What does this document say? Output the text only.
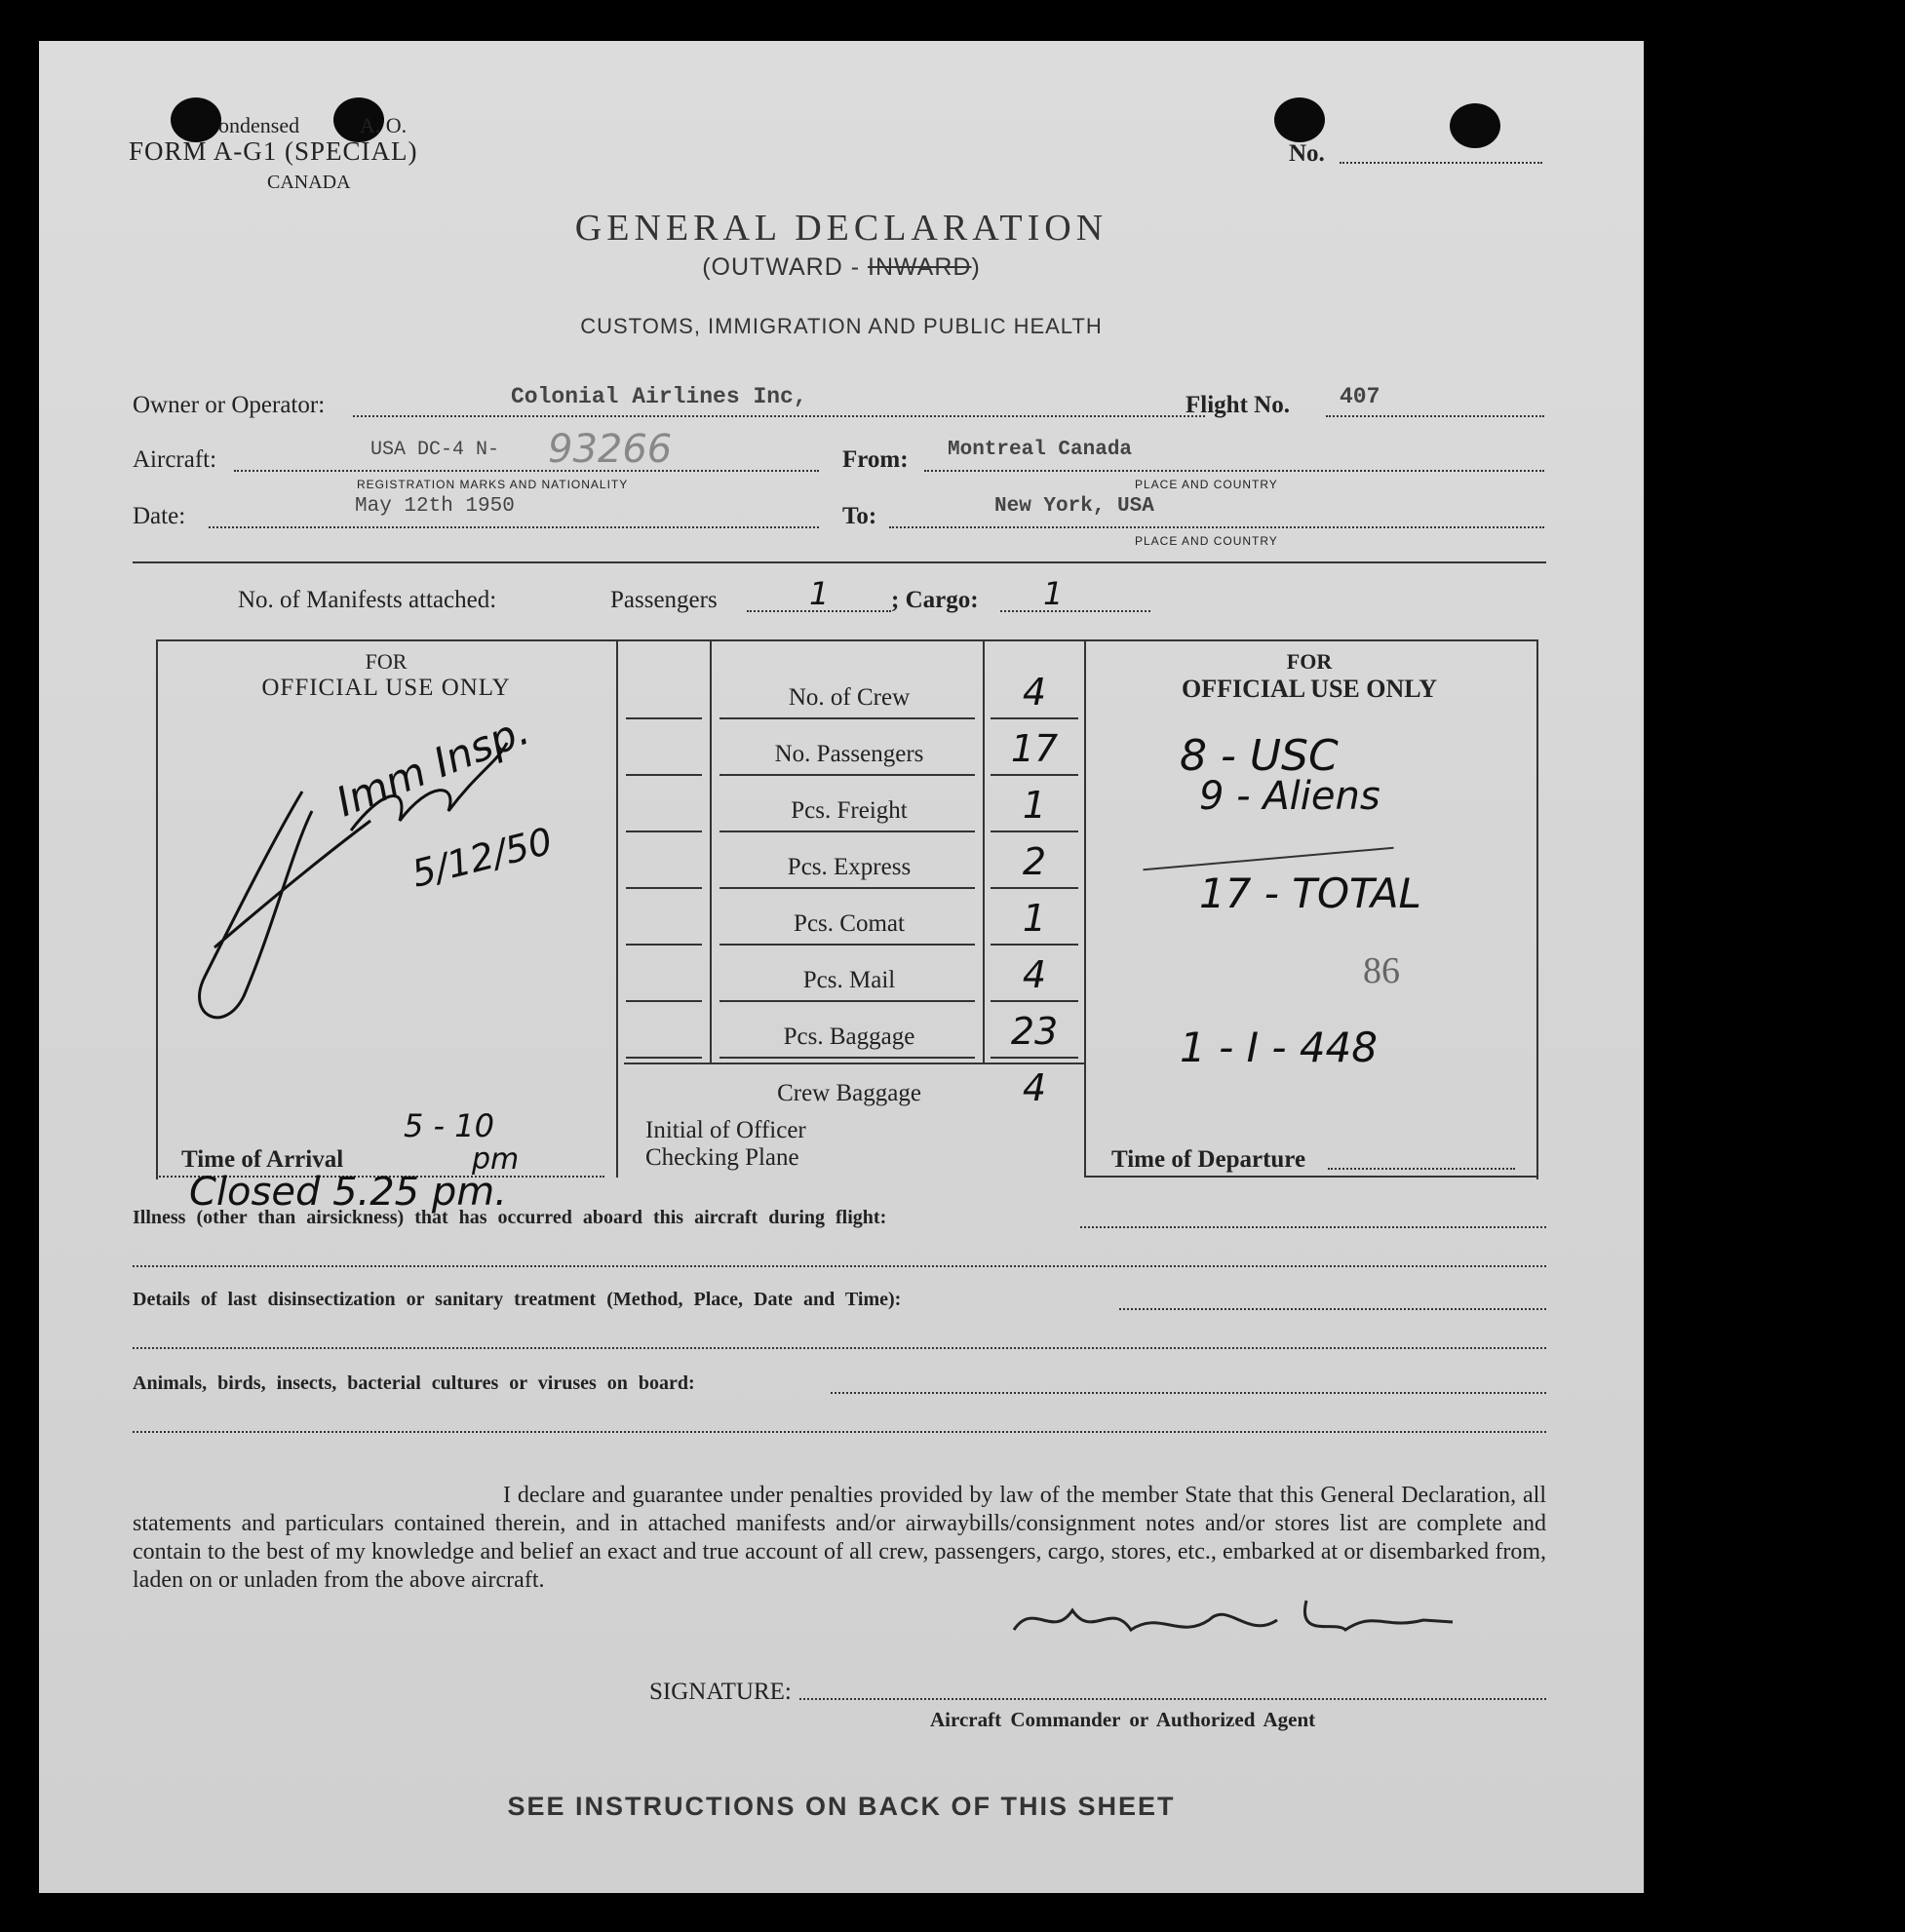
ondensed	A. O.
FORM A-G1 (SPECIAL)
CANADA
No.
GENERAL DECLARATION
(OUTWARD - INWARD)
CUSTOMS, IMMIGRATION AND PUBLIC HEALTH
Owner or Operator:	Colonial Airlines Inc,	Flight No. 407
Aircraft:	USA DC-4 N- 93266
REGISTRATION MARKS AND NATIONALITY
From: Montreal Canada
PLACE AND COUNTRY
Date:	May 12th 1950	To:	New York, USA
PLACE AND COUNTRY
No. of Manifests attached:	Passengers	1	; Cargo: 1
FOR
OFFICIAL USE ONLY
Imm Insp.
5/12/50
Time of Arrival
5 - 10
pm
No. of Crew	4
No. Passengers	17
Pcs. Freight	1
Pcs. Express	2
Pcs. Comat	1
Pcs. Mail	4
Pcs. Baggage	23
Crew Baggage	4
Initial of Officer
Checking Plane
FOR
OFFICIAL USE ONLY
8 - USC
9 - Aliens
17 - TOTAL
86
1 - I - 448
Time of Departure
Closed 5.25 pm.
Illness (other than airsickness) that has occurred aboard this aircraft during flight:
Details of last disinsectization or sanitary treatment (Method, Place, Date and Time):
Animals, birds, insects, bacterial cultures or viruses on board:
I declare and guarantee under penalties provided by law of the member State that this General Declaration, all statements and particulars contained therein, and in attached manifests and/or airwaybills/consignment notes and/or stores list are complete and contain to the best of my knowledge and belief an exact and true account of all crew, passengers, cargo, stores, etc., embarked at or disembarked from, laden on or unladen from the above aircraft.
SIGNATURE:
Aircraft Commander or Authorized Agent
SEE INSTRUCTIONS ON BACK OF THIS SHEET
